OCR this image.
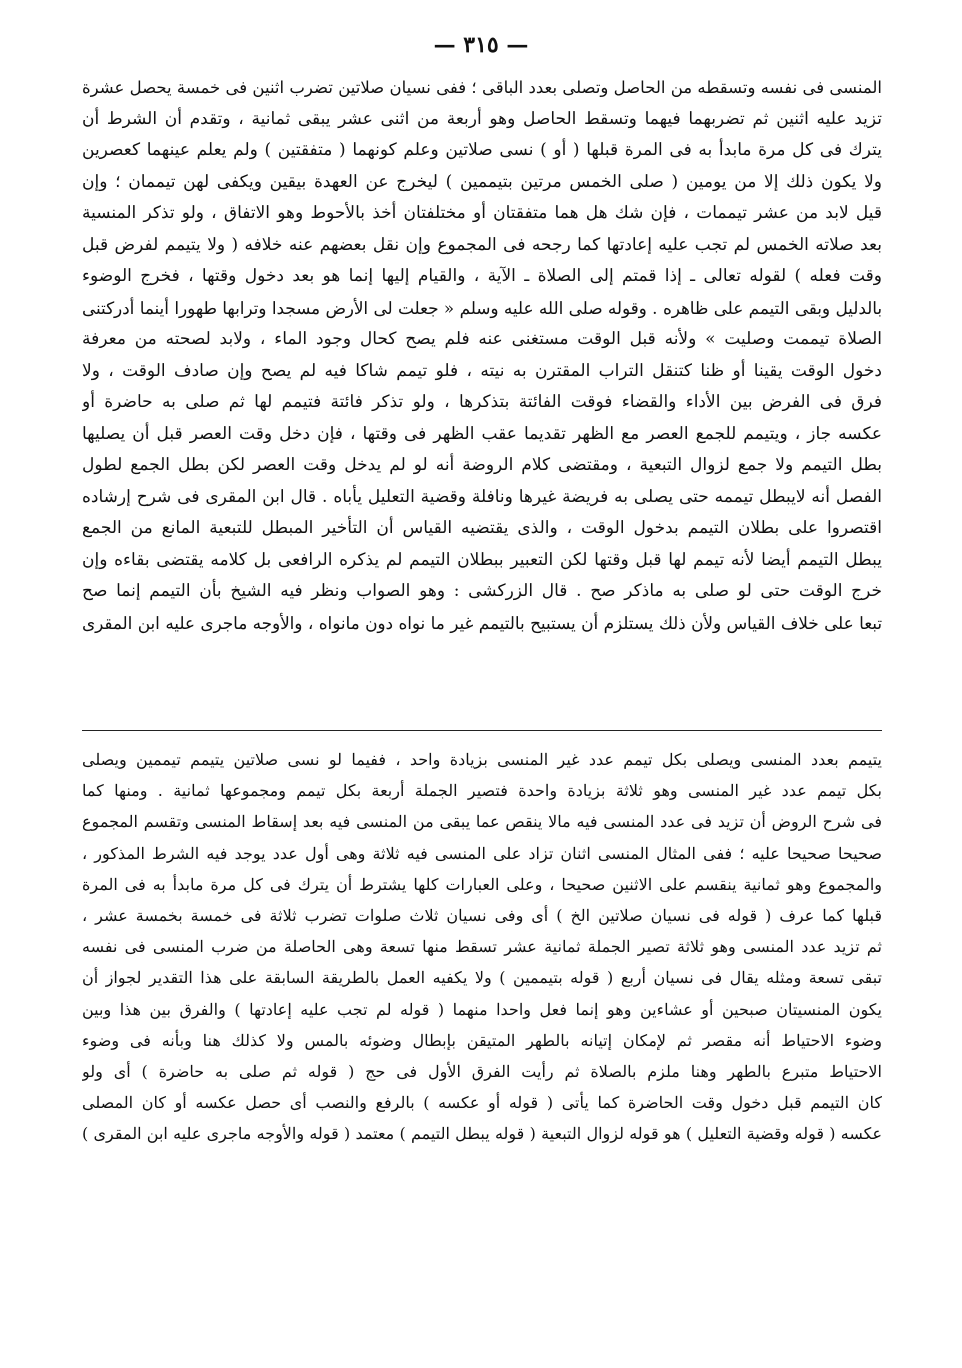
— ٣١٥ —
المنسى فى نفسه وتسقطه من الحاصل وتصلى بعدد الباقى ؛ ففى نسيان صلاتين تضرب اثنين فى خمسة يحصل عشرة
تزيد عليه اثنين ثم تضربهما فيهما وتسقط الحاصل وهو أربعة من اثنى عشر يبقى ثمانية ، وتقدم أن الشرط أن
يترك فى كل مرة مابدأ به فى المرة قبلها ( أو ) نسى صلاتين وعلم كونهما ( متفقتين ) ولم يعلم عينهما كعصرين
ولا يكون ذلك إلا من يومين ( صلى الخمس مرتين بتيممين ) ليخرج عن العهدة بيقين ويكفى لهن تيممان ؛ وإن
قيل لابد من عشر تيممات ، فإن شك هل هما متفقتان أو مختلفتان أخذ بالأحوط وهو الاتفاق ، ولو تذكر المنسية
بعد صلاته الخمس لم تجب عليه إعادتها كما رجحه فى المجموع وإن نقل بعضهم عنه خلافه ( ولا يتيمم لفرض قبل
وقت فعله ) لقوله تعالى ـ إذا قمتم إلى الصلاة ـ الآية ، والقيام إليها إنما هو بعد دخول وقتها ، فخرج الوضوء
بالدليل وبقى التيمم على ظاهره . وقوله صلى الله عليه وسلم « جعلت لى الأرض مسجدا وترابها طهورا أينما أدركتنى
الصلاة تيممت وصليت » ولأنه قبل الوقت مستغنى عنه فلم يصح كحال وجود الماء ، ولابد لصحته من معرفة
دخول الوقت يقينا أو ظنا كتنقل التراب المقترن به نيته ، فلو تيمم شاكا فيه لم يصح وإن صادف الوقت ، ولا
فرق فى الفرض بين الأداء والقضاء فوقت الفائتة بتذكرها ، ولو تذكر فائتة فتيمم لها ثم صلى به حاضرة أو
عكسه جاز ، ويتيمم للجمع العصر مع الظهر تقديما عقب الظهر فى وقتها ، فإن دخل وقت العصر قبل أن يصليها
بطل التيمم ولا جمع لزوال التبعية ، ومقتضى كلام الروضة أنه لو لم يدخل وقت العصر لكن بطل الجمع لطول
الفصل أنه لايبطل تيممه حتى يصلى به فريضة غيرها ونافلة وقضية التعليل يأباه . قال ابن المقرى فى شرح إرشاده
اقتصروا على بطلان التيمم بدخول الوقت ، والذى يقتضيه القياس أن التأخير المبطل للتبعية المانع من الجمع
يبطل التيمم أيضا لأنه تيمم لها قبل وقتها لكن التعبير ببطلان التيمم لم يذكره الرافعى بل كلامه يقتضى بقاءه وإن
خرج الوقت حتى لو صلى به ماذكر صح . قال الزركشى : وهو الصواب ونظر فيه الشيخ بأن التيمم إنما صح
تبعا على خلاف القياس ولأن ذلك يستلزم أن يستبيح بالتيمم غير ما نواه دون مانواه ، والأوجه ماجرى عليه ابن المقرى
يتيمم بعدد المنسى ويصلى بكل تيمم عدد غير المنسى بزيادة واحد ، ففيما لو نسى صلاتين يتيمم تيممين ويصلى
بكل تيمم عدد غير المنسى وهو ثلاثة بزيادة واحدة فتصير الجملة أربعة بكل تيمم ومجموعها ثمانية . ومنها كما
فى شرح الروض أن تزيد فى عدد المنسى فيه مالا ينقص عما يبقى من المنسى فيه بعد إسقاط المنسى وتقسم المجموع
صحيحا صحيحا عليه ؛ ففى المثال المنسى اثنان تزاد على المنسى فيه ثلاثة وهى أول عدد يوجد فيه الشرط المذكور ،
والمجموع وهو ثمانية ينقسم على الاثنين صحيحا ، وعلى العبارات كلها يشترط أن يترك فى كل مرة مابدأ به فى المرة
قبلها كما عرف ( قوله فى نسيان صلاتين الخ ) أى وفى نسيان ثلاث صلوات تضرب ثلاثة فى خمسة بخمسة عشر ،
ثم تزيد عدد المنسى وهو ثلاثة تصير الجملة ثمانية عشر تسقط منها تسعة وهى الحاصلة من ضرب المنسى فى نفسه
تبقى تسعة ومثله يقال فى نسيان أربع ( قوله بتيممين ) ولا يكفيه العمل بالطريقة السابقة على هذا التقدير لجواز أن
يكون المنسيتان صبحين أو عشاءين وهو إنما فعل واحدا منهما ( قوله لم تجب عليه إعادتها ) والفرق بين هذا وبين
وضوء الاحتياط أنه مقصر ثم لإمكان إتيانه بالطهر المتيقن بإبطال وضوئه بالمس ولا كذلك هنا وبأنه فى وضوء
الاحتياط متبرع بالطهر وهنا ملزم بالصلاة ثم رأيت الفرق الأول فى حج ( قوله ثم صلى به حاضرة ) أى ولو
كان التيمم قبل دخول وقت الحاضرة كما يأتى ( قوله أو عكسه ) بالرفع والنصب أى حصل عكسه أو كان المصلى
عكسه ( قوله وقضية التعليل ) هو قوله لزوال التبعية ( قوله يبطل التيمم ) معتمد ( قوله والأوجه ماجرى عليه ابن المقرى )
